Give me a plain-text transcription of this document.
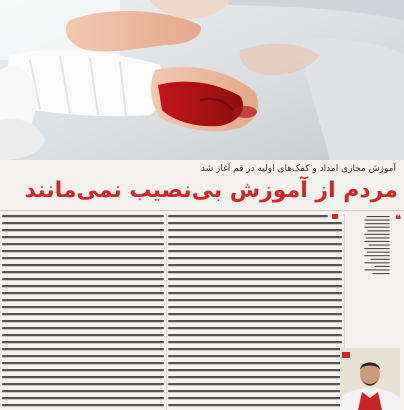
آموزش مجازی امداد و کمک‌های اولیه در قم آغاز شد
مردم از آموزش بی‌نصیب نمی‌مانند
❝
